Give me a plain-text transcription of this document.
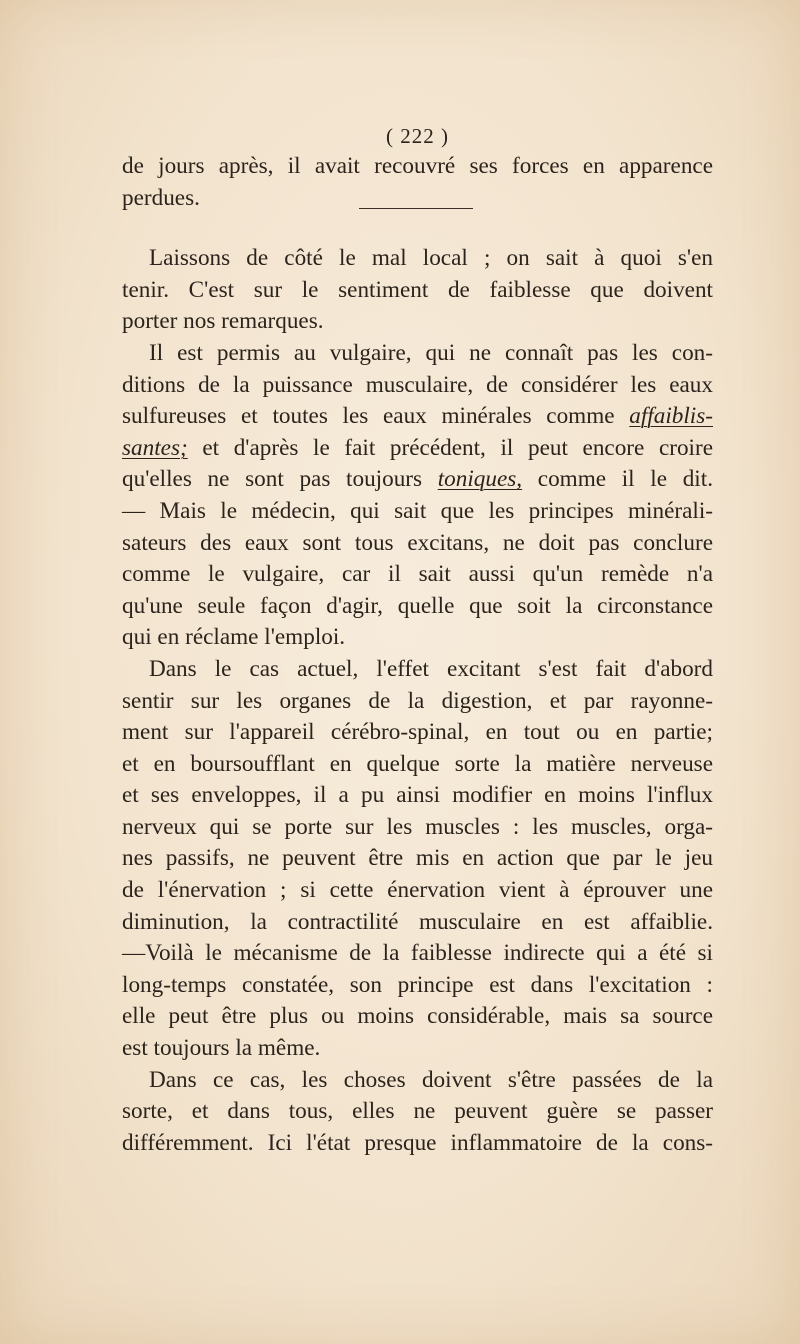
( 222 )
de jours après, il avait recouvré ses forces en apparence
perdues.
Laissons de côté le mal local ; on sait à quoi s'en
tenir. C'est sur le sentiment de faiblesse que doivent
porter nos remarques.
Il est permis au vulgaire, qui ne connaît pas les con-
ditions de la puissance musculaire, de considérer les eaux
sulfureuses et toutes les eaux minérales comme affaiblis-
santes; et d'après le fait précédent, il peut encore croire
qu'elles ne sont pas toujours toniques, comme il le dit.
— Mais le médecin, qui sait que les principes minérali-
sateurs des eaux sont tous excitans, ne doit pas conclure
comme le vulgaire, car il sait aussi qu'un remède n'a
qu'une seule façon d'agir, quelle que soit la circonstance
qui en réclame l'emploi.
Dans le cas actuel, l'effet excitant s'est fait d'abord
sentir sur les organes de la digestion, et par rayonne-
ment sur l'appareil cérébro-spinal, en tout ou en partie;
et en boursoufflant en quelque sorte la matière nerveuse
et ses enveloppes, il a pu ainsi modifier en moins l'influx
nerveux qui se porte sur les muscles : les muscles, orga-
nes passifs, ne peuvent être mis en action que par le jeu
de l'énervation ; si cette énervation vient à éprouver une
diminution, la contractilité musculaire en est affaiblie.
—Voilà le mécanisme de la faiblesse indirecte qui a été si
long-temps constatée, son principe est dans l'excitation :
elle peut être plus ou moins considérable, mais sa source
est toujours la même.
Dans ce cas, les choses doivent s'être passées de la
sorte, et dans tous, elles ne peuvent guère se passer
différemment. Ici l'état presque inflammatoire de la cons-
